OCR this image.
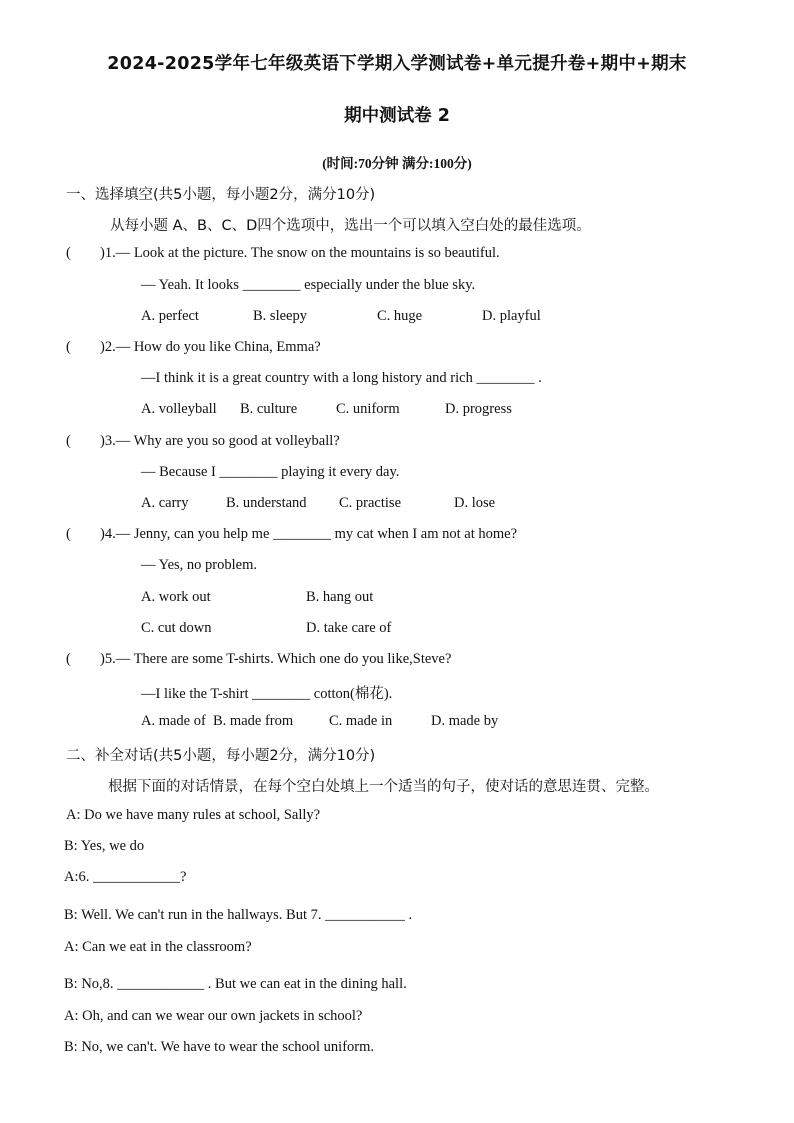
2024-2025学年七年级英语下学期入学测试卷+单元提升卷+期中+期末
期中测试卷 2
(时间:70分钟 满分:100分)
一、选择填空(共5小题，每小题2分，满分10分)
从每小题 A、B、C、D四个选项中，选出一个可以填入空白处的最佳选项。
( )1.— Look at the picture. The snow on the mountains is so beautiful.
— Yeah. It looks ________ especially under the blue sky.
A. perfect	B. sleepy	C. huge	D. playful
( )2.— How do you like China, Emma?
—I think it is a great country with a long history and rich ________ .
A. volleyball B. culture	C. uniform	D. progress
( )3.— Why are you so good at volleyball?
— Because I ________ playing it every day.
A. carry	B. understand C. practise	D. lose
( )4.— Jenny, can you help me ________ my cat when I am not at home?
— Yes, no problem.
A. work out	B. hang out
C. cut down	D. take care of
( )5.— There are some T-shirts. Which one do you like,Steve?
—I like the T-shirt ________ cotton(棉花).
A. made of B. made from C. made in	D. made by
二、补全对话(共5小题，每小题2分，满分10分)
根据下面的对话情景，在每个空白处填上一个适当的句子，使对话的意思连贯、完整。
A: Do we have many rules at school, Sally?
B: Yes, we do
A:6. ____________?
B: Well. We can't run in the hallways. But 7. ___________ .
A: Can we eat in the classroom?
B: No,8. ____________ . But we can eat in the dining hall.
A: Oh, and can we wear our own jackets in school?
B: No, we can't. We have to wear the school uniform.
